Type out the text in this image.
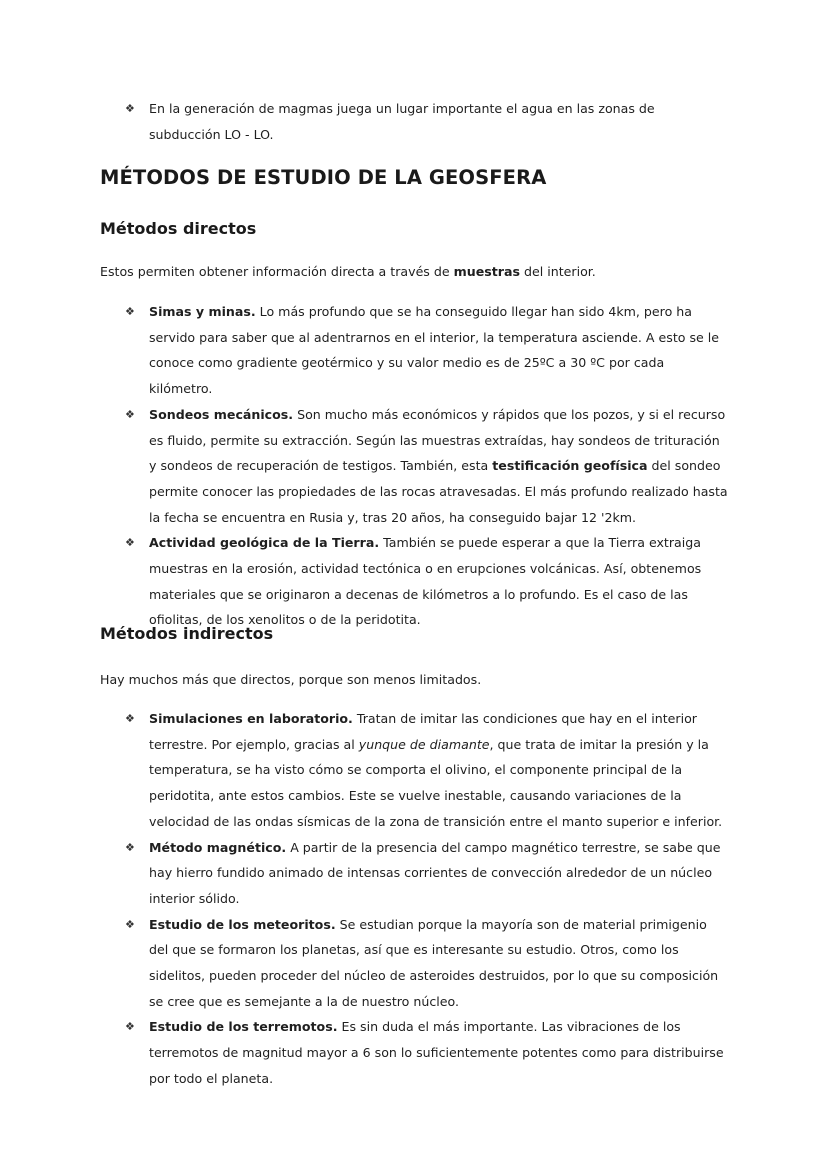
❖ En la generación de magmas juega un lugar importante el agua en las zonas de subducción LO - LO.
MÉTODOS DE ESTUDIO DE LA GEOSFERA
Métodos directos

Estos permiten obtener información directa a través de muestras del interior.

❖ Simas y minas. Lo más profundo que se ha conseguido llegar han sido 4km, pero ha servido para saber que al adentrarnos en el interior, la temperatura asciende. A esto se le conoce como gradiente geotérmico y su valor medio es de 25ºC a 30 ºC por cada kilómetro.
❖ Sondeos mecánicos. Son mucho más económicos y rápidos que los pozos, y si el recurso es fluido, permite su extracción. Según las muestras extraídas, hay sondeos de trituración y sondeos de recuperación de testigos. También, esta testificación geofísica del sondeo permite conocer las propiedades de las rocas atravesadas. El más profundo realizado hasta la fecha se encuentra en Rusia y, tras 20 años, ha conseguido bajar 12 '2km.
❖ Actividad geológica de la Tierra. También se puede esperar a que la Tierra extraiga muestras en la erosión, actividad tectónica o en erupciones volcánicas. Así, obtenemos materiales que se originaron a decenas de kilómetros a lo profundo. Es el caso de las ofiolitas, de los xenolitos o de la peridotita.
Métodos indirectos

Hay muchos más que directos, porque son menos limitados.

❖ Simulaciones en laboratorio. Tratan de imitar las condiciones que hay en el interior terrestre. Por ejemplo, gracias al yunque de diamante, que trata de imitar la presión y la temperatura, se ha visto cómo se comporta el olivino, el componente principal de la peridotita, ante estos cambios. Este se vuelve inestable, causando variaciones de la velocidad de las ondas sísmicas de la zona de transición entre el manto superior e inferior.
❖ Método magnético. A partir de la presencia del campo magnético terrestre, se sabe que hay hierro fundido animado de intensas corrientes de convección alrededor de un núcleo interior sólido.
❖ Estudio de los meteoritos. Se estudian porque la mayoría son de material primigenio del que se formaron los planetas, así que es interesante su estudio. Otros, como los sidelitos, pueden proceder del núcleo de asteroides destruidos, por lo que su composición se cree que es semejante a la de nuestro núcleo.
❖ Estudio de los terremotos. Es sin duda el más importante. Las vibraciones de los terremotos de magnitud mayor a 6 son lo suficientemente potentes como para distribuirse por todo el planeta.
